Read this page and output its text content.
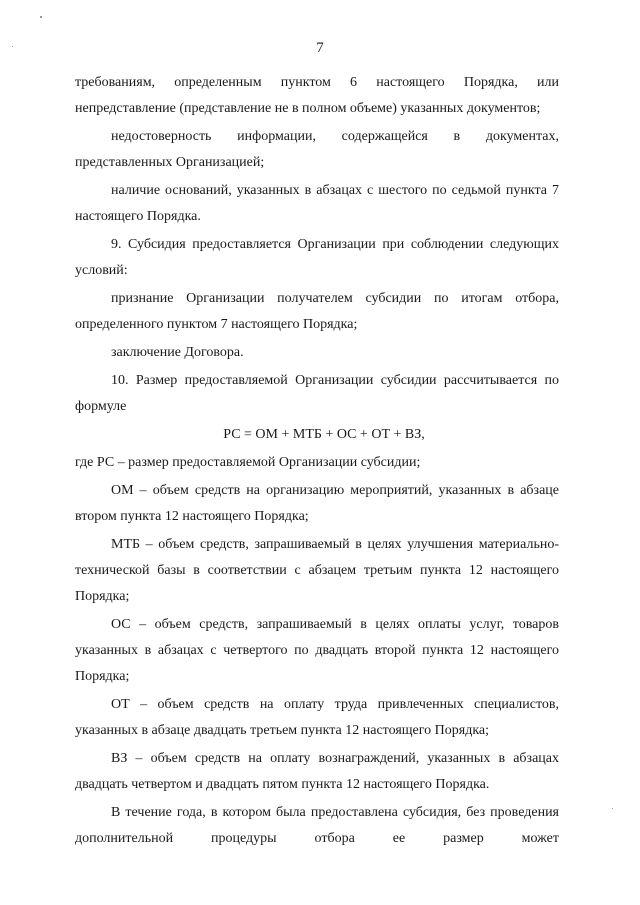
7

требованиям, определенным пунктом 6 настоящего Порядка, или непредставление (представление не в полном объеме) указанных документов;

недостоверность информации, содержащейся в документах, представленных Организацией;

наличие оснований, указанных в абзацах с шестого по седьмой пункта 7 настоящего Порядка.

9. Субсидия предоставляется Организации при соблюдении следующих условий:

признание Организации получателем субсидии по итогам отбора, определенного пунктом 7 настоящего Порядка;

заключение Договора.

10. Размер предоставляемой Организации субсидии рассчитывается по формуле

РС = ОМ + МТБ + ОС + ОТ + ВЗ,

где РС – размер предоставляемой Организации субсидии;

ОМ – объем средств на организацию мероприятий, указанных в абзаце втором пункта 12 настоящего Порядка;

МТБ – объем средств, запрашиваемый в целях улучшения материально-технической базы в соответствии с абзацем третьим пункта 12 настоящего Порядка;

ОС – объем средств, запрашиваемый в целях оплаты услуг, товаров указанных в абзацах с четвертого по двадцать второй пункта 12 настоящего Порядка;

ОТ – объем средств на оплату труда привлеченных специалистов, указанных в абзаце двадцать третьем пункта 12 настоящего Порядка;

ВЗ – объем средств на оплату вознаграждений, указанных в абзацах двадцать четвертом и двадцать пятом пункта 12 настоящего Порядка.

В течение года, в котором была предоставлена субсидия, без проведения дополнительной процедуры отбора ее размер может
